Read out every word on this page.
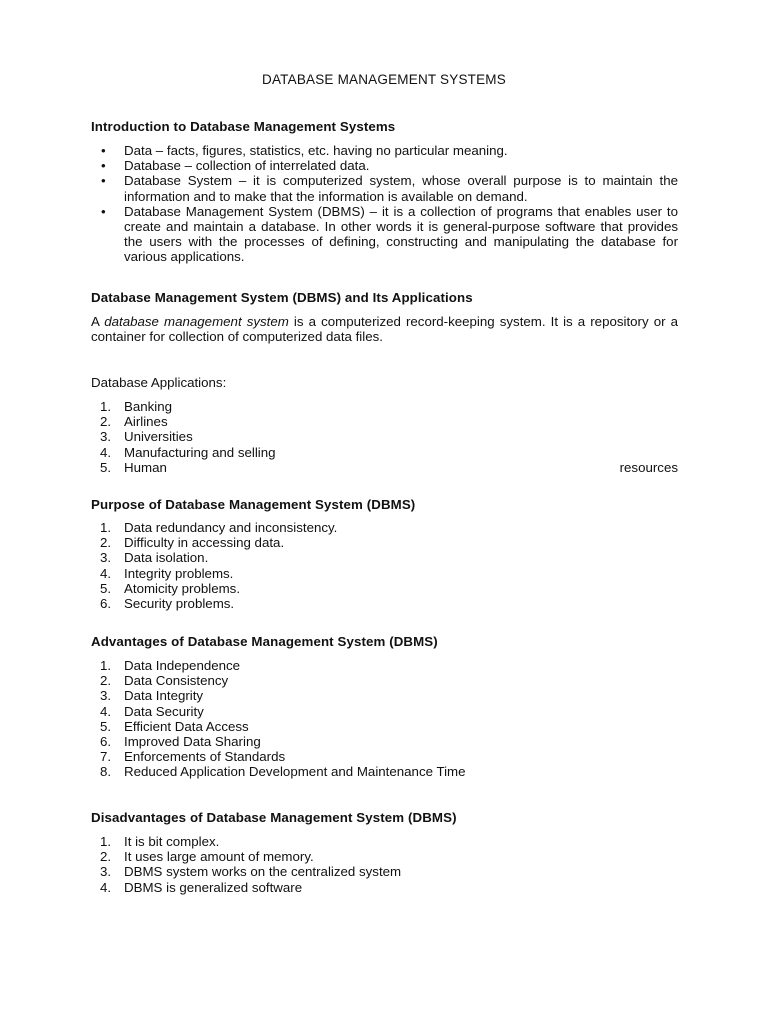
DATABASE MANAGEMENT SYSTEMS
Introduction to Database Management Systems
• Data – facts, figures, statistics, etc. having no particular meaning.
• Database – collection of interrelated data.
• Database System – it is computerized system, whose overall purpose is to maintain the information and to make that the information is available on demand.
• Database Management System (DBMS) – it is a collection of programs that enables user to create and maintain a database. In other words it is general-purpose software that provides the users with the processes of defining, constructing and manipulating the database for various applications.
Database Management System (DBMS) and Its Applications
A database management system is a computerized record-keeping system. It is a repository or a container for collection of computerized data files.
Database Applications:
1. Banking
2. Airlines
3. Universities
4. Manufacturing and selling
5. Human	resources
Purpose of Database Management System (DBMS)
1. Data redundancy and inconsistency.
2. Difficulty in accessing data.
3. Data isolation.
4. Integrity problems.
5. Atomicity problems.
6. Security problems.
Advantages of Database Management System (DBMS)
1. Data Independence
2. Data Consistency
3. Data Integrity
4. Data Security
5. Efficient Data Access
6. Improved Data Sharing
7. Enforcements of Standards
8. Reduced Application Development and Maintenance Time
Disadvantages of Database Management System (DBMS)
1. It is bit complex.
2. It uses large amount of memory.
3. DBMS system works on the centralized system
4. DBMS is generalized software
